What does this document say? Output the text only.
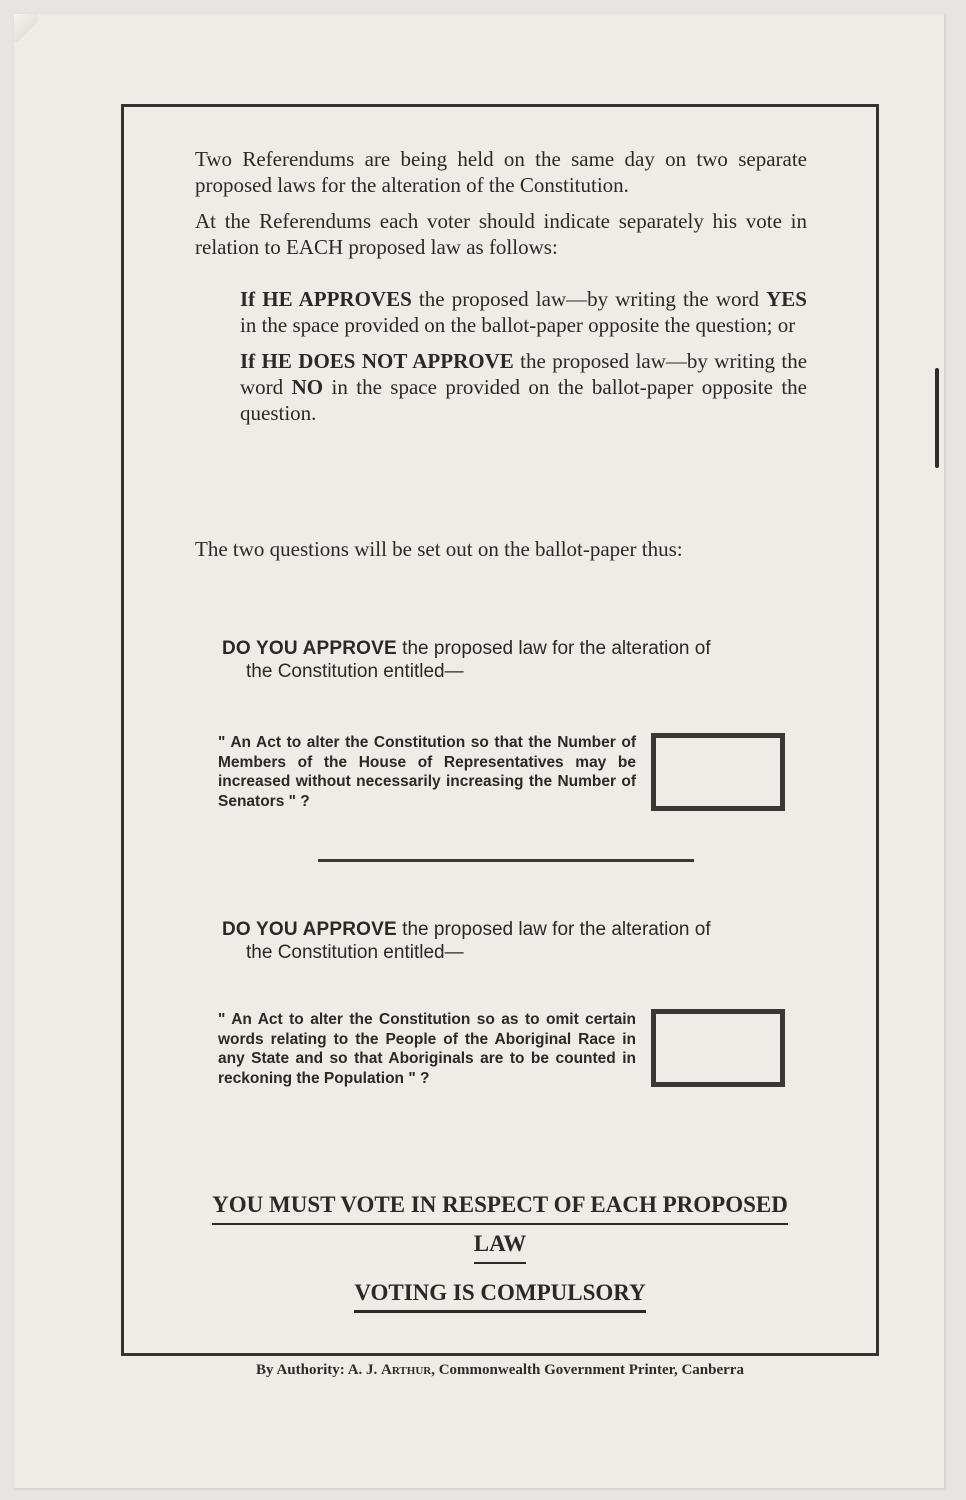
Two Referendums are being held on the same day on two separate proposed laws for the alteration of the Constitution.

At the Referendums each voter should indicate separately his vote in relation to EACH proposed law as follows:

If HE APPROVES the proposed law—by writing the word YES in the space provided on the ballot-paper opposite the question; or

If HE DOES NOT APPROVE the proposed law—by writing the word NO in the space provided on the ballot-paper opposite the question.

The two questions will be set out on the ballot-paper thus:

DO YOU APPROVE the proposed law for the alteration of

the Constitution entitled—

" An Act to alter the Constitution so that the Number of Members of the House of Representatives may be increased without necessarily increasing the Number of Senators " ?

DO YOU APPROVE the proposed law for the alteration of

the Constitution entitled—

" An Act to alter the Constitution so as to omit certain words relating to the People of the Aboriginal Race in any State and so that Aboriginals are to be counted in reckoning the Population " ?
YOU MUST VOTE IN RESPECT OF EACH PROPOSED
LAW
VOTING IS COMPULSORY
By Authority: A. J. Arthur, Commonwealth Government Printer, Canberra
